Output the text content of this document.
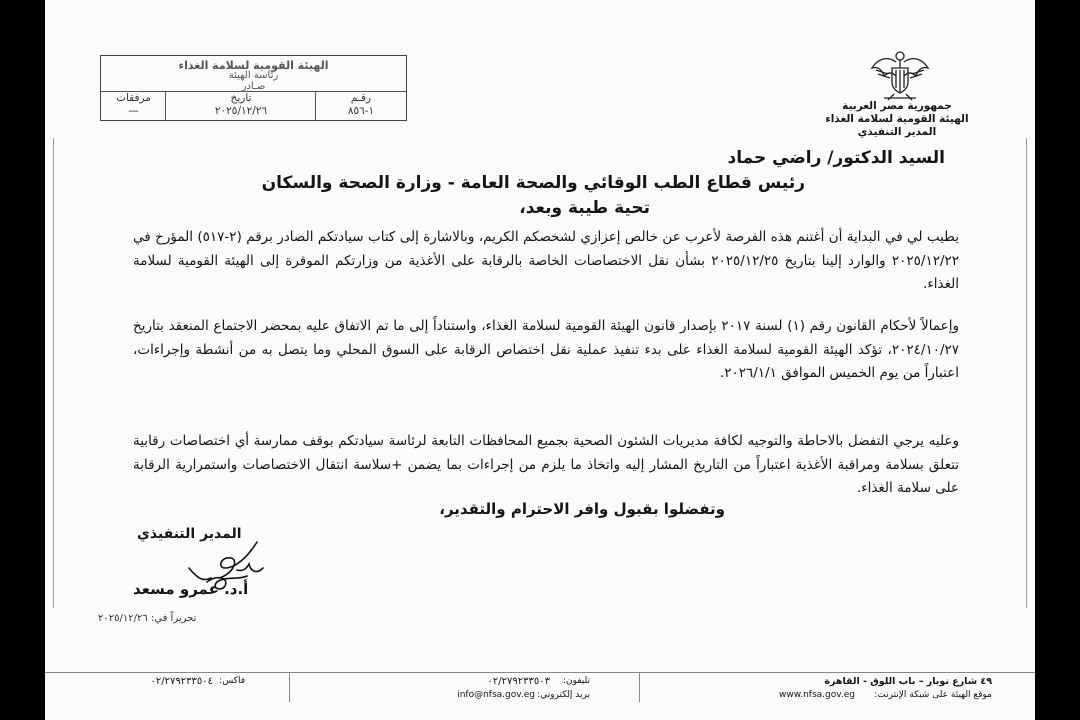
جمهورية مصر العربية
الهيئة القومية لسلامة الغذاء
المدير التنفيذي
الهيئة القومية لسلامة الغذاء
رئاسة الهيئة
صـادر
رقـم
١-٨٥٦
تاريخ
٢٠٢٥/١٢/٢٦
مرفقات
—
السيد الدكتور/ راضي حماد
رئيس قطاع الطب الوقائي والصحة العامة - وزارة الصحة والسكان
تحية طيبة وبعد،
يطيب لي في البداية أن أغتنم هذه الفرصة لأعرب عن خالص إعزازي لشخصكم الكريم، وبالاشارة إلى كتاب سيادتكم الصادر برقم (٢-٥١٧) المؤرخ في ٢٠٢٥/١٢/٢٢ والوارد إلينا بتاريخ ٢٠٢٥/١٢/٢٥ بشأن نقل الاختصاصات الخاصة بالرقابة على الأغذية من وزارتكم الموقرة إلى الهيئة القومية لسلامة الغذاء.
وإعمالاً لأحكام القانون رقم (١) لسنة ٢٠١٧ بإصدار قانون الهيئة القومية لسلامة الغذاء، واستناداً إلى ما تم الاتفاق عليه بمحضر الاجتماع المنعقد بتاريخ ٢٠٢٤/١٠/٢٧، تؤكد الهيئة القومية لسلامة الغذاء على بدء تنفيذ عملية نقل اختصاص الرقابة على السوق المحلي وما يتصل به من أنشطة وإجراءات، اعتباراً من يوم الخميس الموافق ٢٠٢٦/١/١.
وعليه يرجي التفضل بالاحاطة والتوجيه لكافة مديريات الشئون الصحية بجميع المحافظات التابعة لرئاسة سيادتكم بوقف ممارسة أي اختصاصات رقابية تتعلق بسلامة ومراقبة الأغذية اعتباراً من التاريخ المشار إليه واتخاذ ما يلزم من إجراءات بما يضمن +سلاسة انتقال الاختصاصات واستمرارية الرقابة على سلامة الغذاء.
وتفضلوا بقبول وافر الاحترام والتقدير،
المدير التنفيذي
أ.د. عمرو مسعد
تحريراً في: ٢٠٢٥/١٢/٢٦
٤٩ شارع نوبار – باب اللوق - القاهرة
موقع الهيئة على شبكة الإنترنت:
www.nfsa.gov.eg
تليفون:
٠٢/٢٧٩٢٣٣٥٠٣
بريد إلكتروني:
info@nfsa.gov.eg
فاكس:
٠٢/٢٧٩٢٣٣٥٠٤
